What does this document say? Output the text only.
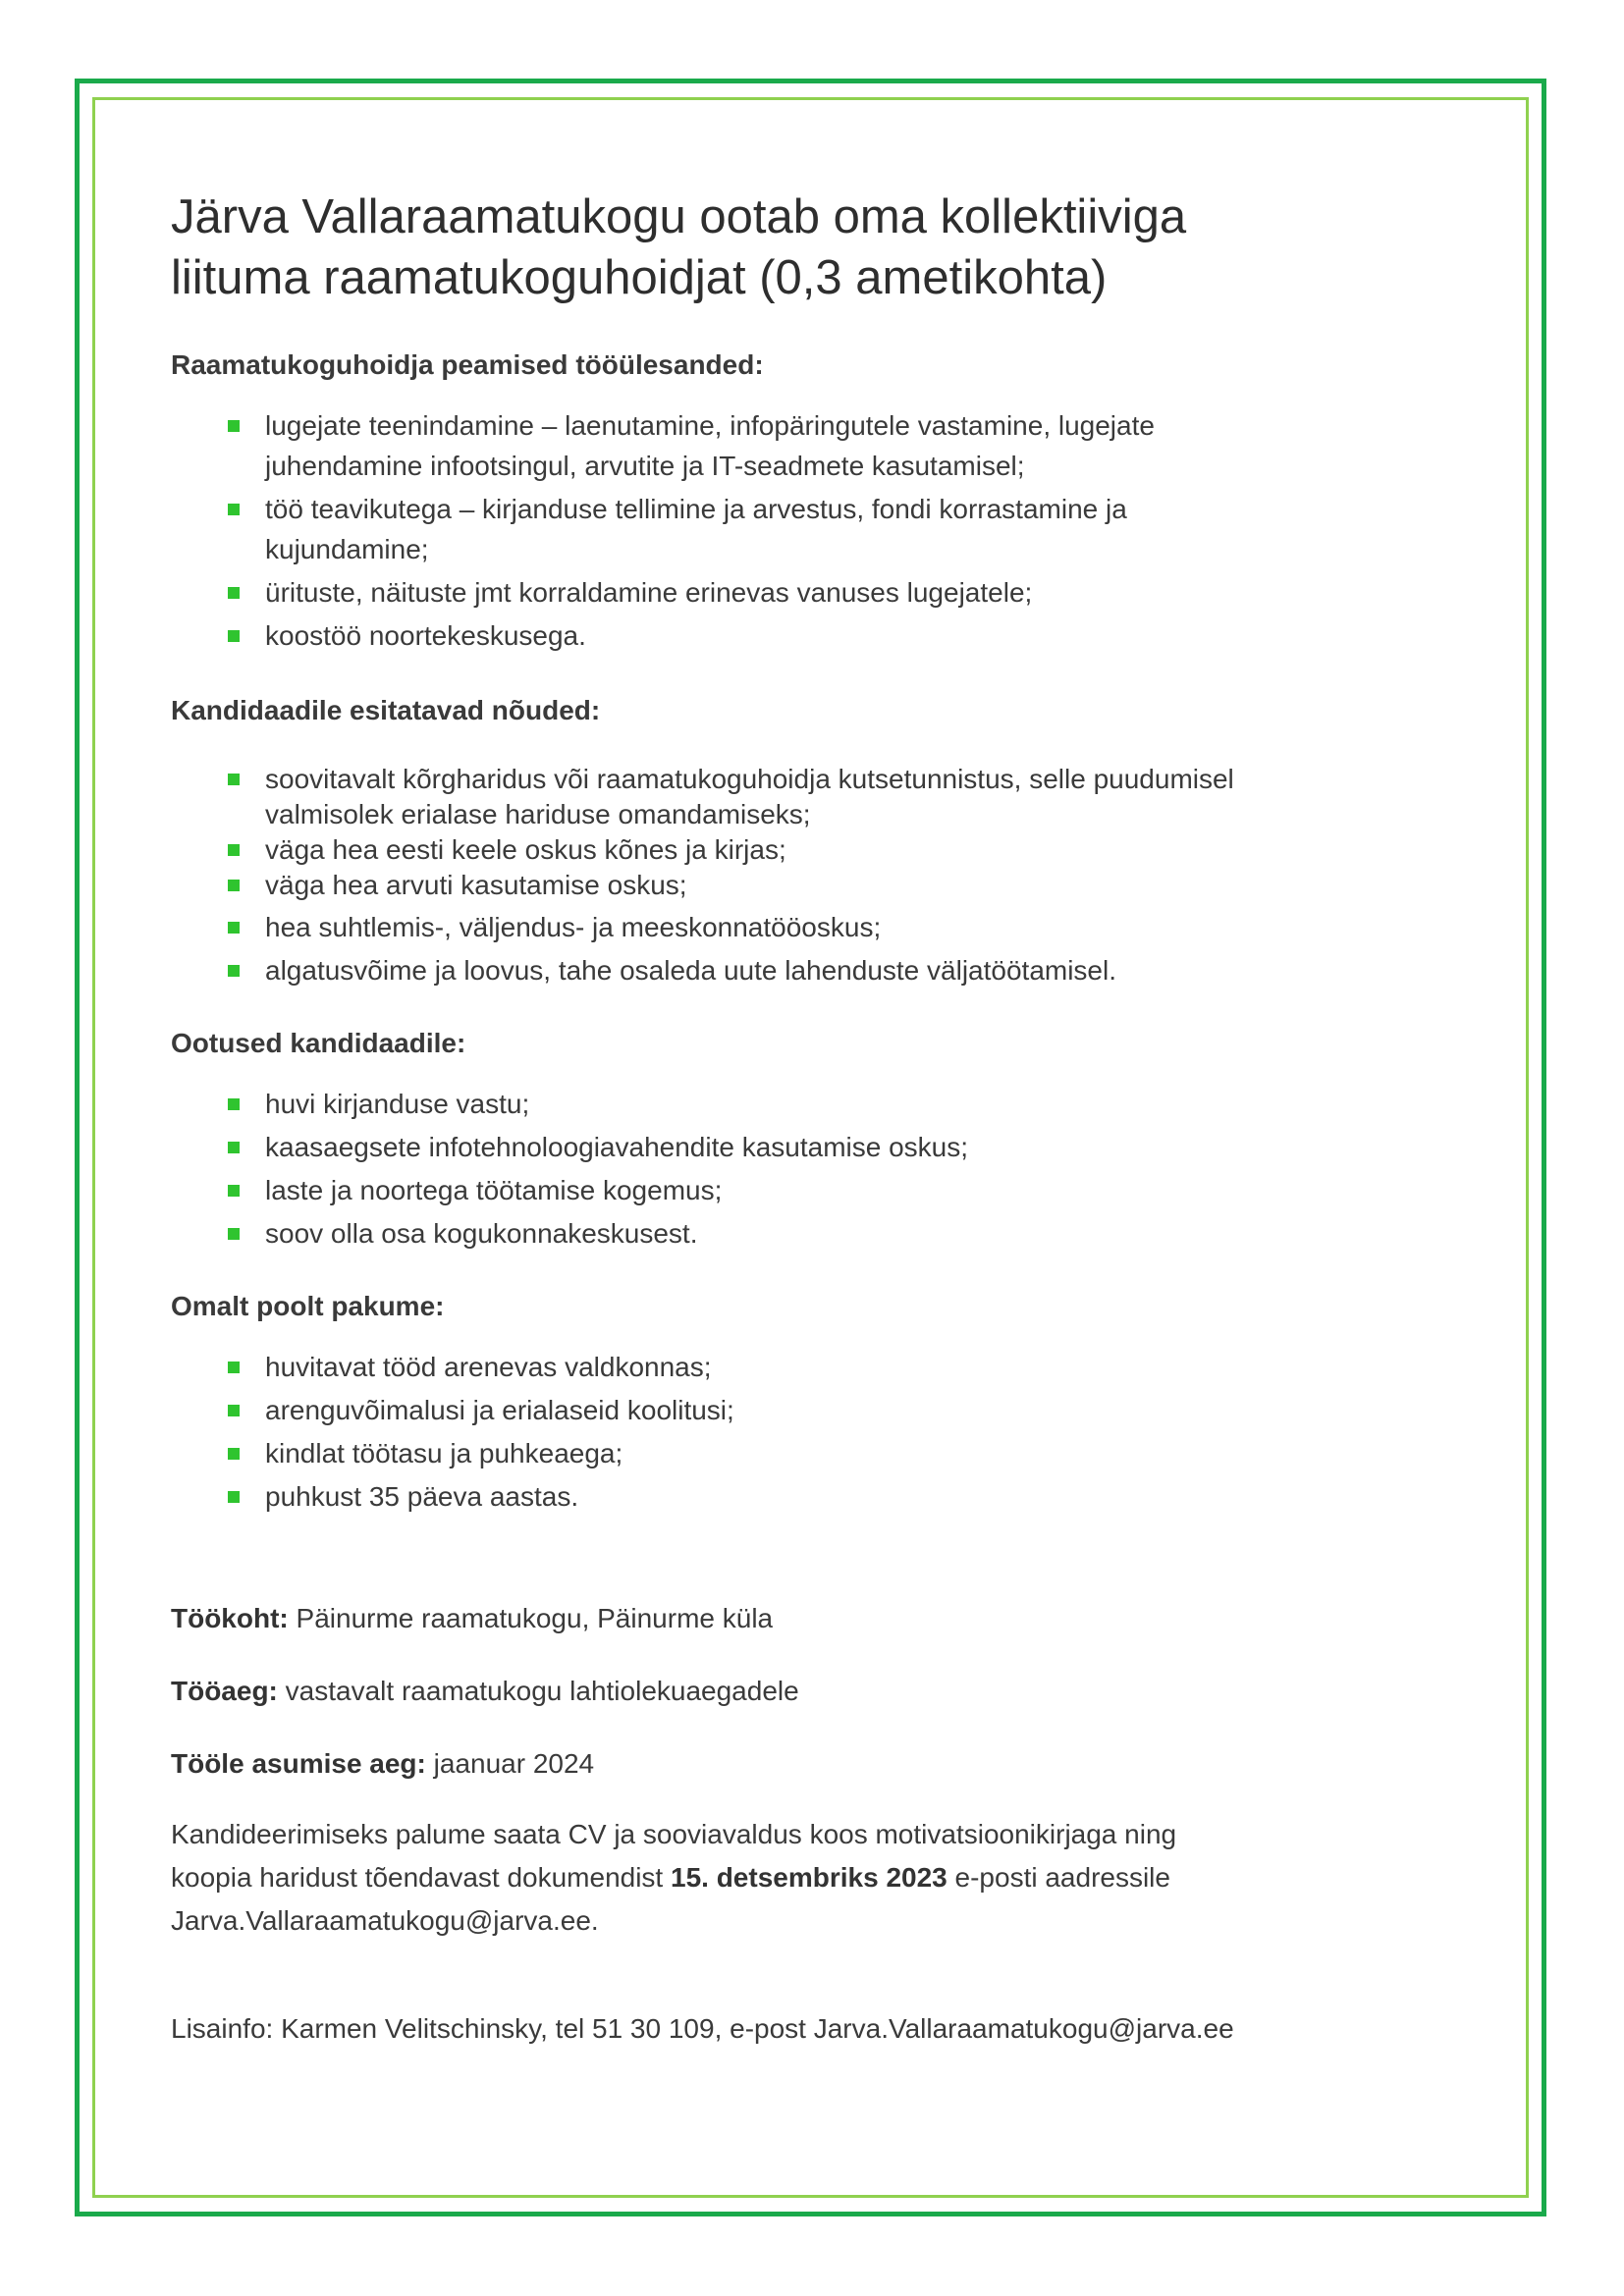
Järva Vallaraamatukogu ootab oma kollektiiviga
liituma raamatukoguhoidjat (0,3 ametikohta)

Raamatukoguhoidja peamised tööülesanded:

lugejate teenindamine – laenutamine, infopäringutele vastamine, lugejate
juhendamine infootsingul, arvutite ja IT-seadmete kasutamisel;
töö teavikutega – kirjanduse tellimine ja arvestus, fondi korrastamine ja
kujundamine;
ürituste, näituste jmt korraldamine erinevas vanuses lugejatele;
koostöö noortekeskusega.

Kandidaadile esitatavad nõuded:

soovitavalt kõrgharidus või raamatukoguhoidja kutsetunnistus, selle puudumisel
valmisolek erialase hariduse omandamiseks;
väga hea eesti keele oskus kõnes ja kirjas;
väga hea arvuti kasutamise oskus;
hea suhtlemis-, väljendus- ja meeskonnatööoskus;
algatusvõime ja loovus, tahe osaleda uute lahenduste väljatöötamisel.

Ootused kandidaadile:

huvi kirjanduse vastu;
kaasaegsete infotehnoloogiavahendite kasutamise oskus;
laste ja noortega töötamise kogemus;
soov olla osa kogukonnakeskusest.

Omalt poolt pakume:

huvitavat tööd arenevas valdkonnas;
arenguvõimalusi ja erialaseid koolitusi;
kindlat töötasu ja puhkeaega;
puhkust 35 päeva aastas.

Töökoht: Päinurme raamatukogu, Päinurme küla

Tööaeg: vastavalt raamatukogu lahtiolekuaegadele

Tööle asumise aeg: jaanuar 2024

Kandideerimiseks palume saata CV ja sooviavaldus koos motivatsioonikirjaga ning
koopia haridust tõendavast dokumendist 15. detsembriks 2023 e-posti aadressile
Jarva.Vallaraamatukogu@jarva.ee.

Lisainfo: Karmen Velitschinsky, tel 51 30 109, e-post Jarva.Vallaraamatukogu@jarva.ee
